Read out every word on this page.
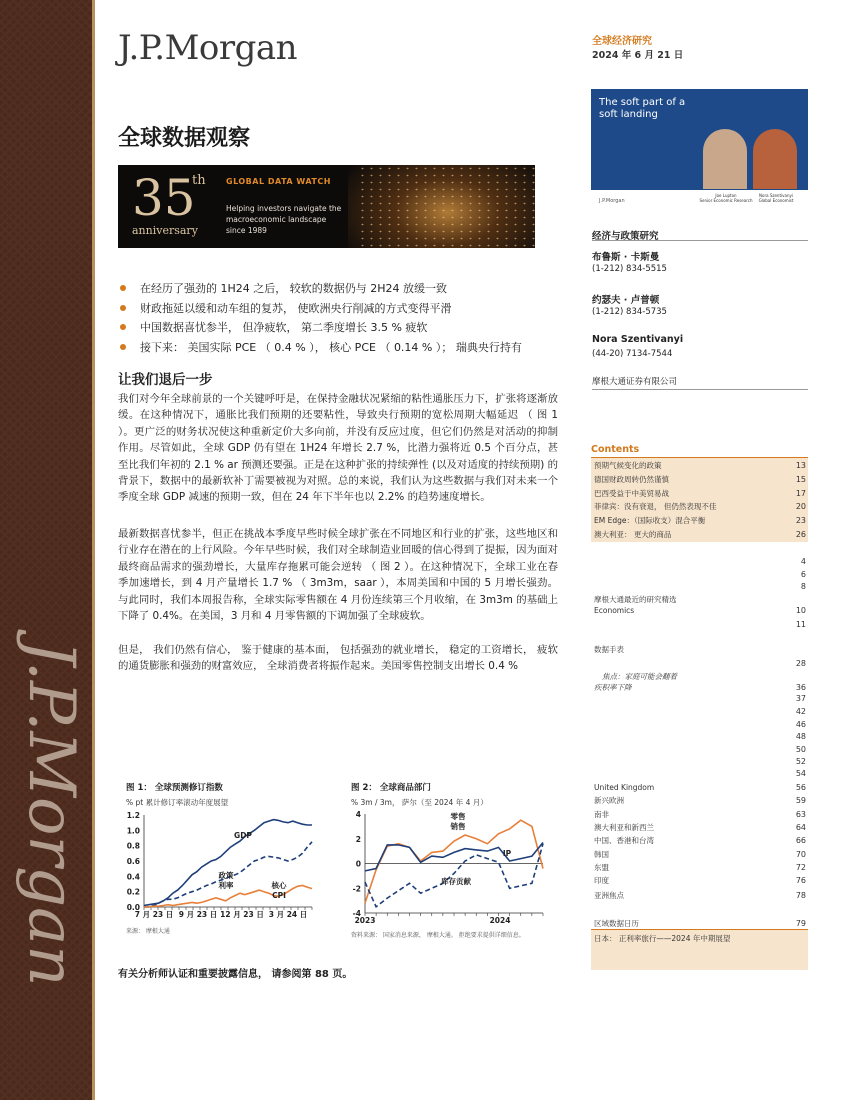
J.P.Morgan
J.P.Morgan	全球经济研究
2024 年 6 月 21 日
全球数据观察
35
th
anniversary
GLOBAL DATA WATCH
Helping investors navigate the macroeconomic landscape since 1989
在经历了强劲的 1H24 之后， 较软的数据仍与 2H24 放缓一致
财政拖延以缓和动车组的复苏， 使欧洲央行削减的方式变得平滑
中国数据喜忧参半， 但净疲软， 第二季度增长 3.5 % 疲软
接下来： 美国实际 PCE （ 0.4 % ）， 核心 PCE （ 0.14 % ）； 瑞典央行持有
让我们退后一步

我们对今年全球前景的一个关键呼吁是，在保持金融状况紧缩的粘性通胀压力下，扩张将逐渐放缓。在这种情况下，通胀比我们预期的还要粘性，导致央行预期的宽松周期大幅延迟 （ 图 1 ）。更广泛的财务状况使这种重新定价大多向前，并没有反应过度，但它们仍然是对活动的抑制作用。尽管如此，全球 GDP 仍有望在 1H24 年增长 2.7 %，比潜力强将近 0.5 个百分点，甚至比我们年初的 2.1 % ar 预测还要强。正是在这种扩张的持续弹性 (以及对适度的持续预期) 的背景下，数据中的最新软补丁需要被视为对照。总的来说，我们认为这些数据与我们对未来一个季度全球 GDP 减速的预期一致，但在 24 年下半年也以 2.2% 的趋势速度增长。

最新数据喜忧参半，但正在挑战本季度早些时候全球扩张在不同地区和行业的扩张，这些地区和行业存在潜在的上行风险。今年早些时候，我们对全球制造业回暖的信心得到了提振，因为面对最终商品需求的强劲增长，大量库存拖累可能会逆转 （ 图 2 ）。在这种情况下，全球工业在春季加速增长，到 4 月产量增长 1.7 % （ 3m3m，saar ），本周美国和中国的 5 月增长强劲。与此同时，我们本周报告称，全球实际零售额在 4 月份连续第三个月收缩，在 3m3m 的基础上下降了 0.4%。在美国，3 月和 4 月零售额的下调加强了全球疲软。

但是， 我们仍然有信心， 鉴于健康的基本面， 包括强劲的就业增长， 稳定的工资增长， 疲软的通货膨胀和强劲的财富效应， 全球消费者将振作起来。美国零售控制支出增长 0.4 %

The soft part of a soft landing
Joe Lupton
Senior Economic Research
Nora Szentivanyi
Global Economist
J.P.Morgan
经济与政策研究
布鲁斯 · 卡斯曼
(1-212) 834-5515
约瑟夫 · 卢普顿
(1-212) 834-5735
Nora Szentivanyi
(44-20) 7134-7544
摩根大通证券有限公司
Contents
预期气候变化的政策	13
德国财政周转仍然谨慎	15
巴西受益于中美贸易战	17
菲律宾：没有衰退， 但仍然表现不佳	20
EM Edge：（国际收支）混合平衡	23
澳大利亚： 更大的商品	26
4
6
8
摩根大通最近的研究精选
Economics	10
11
数据手表
28
焦点：家庭可能会翻着
疾积率下降	36
37
42
46
48
50
52
54
United Kingdom	56
新兴欧洲	59
南非	63
澳大利亚和新西兰	64
中国、香港和台湾	66
韩国	70
东盟	72
印度	76
亚洲焦点	78
区域数据日历	79
日本： 正利率旅行——2024 年中期展望
图 1： 全球预测修订指数
% pt 累计修订率滚动年度展望
1.2
1.0
0.8
0.6
0.4
0.2
0.0
7 月 23 日 9 月 23 日 12 月 23 日 3 月 24 日
GDP
政策
利率	核心
CPI
来源： 摩根大通
图 2： 全球商品部门
% 3m / 3m， 萨尔（至 2024 年 4 月）
4
2
0
-2
-4
2023	2024
零售
销售
IP
库存贡献
资料来源： 国家消息来源， 摩根大通。 拒绝要求提供详细信息。
有关分析师认证和重要披露信息， 请参阅第 88 页。
